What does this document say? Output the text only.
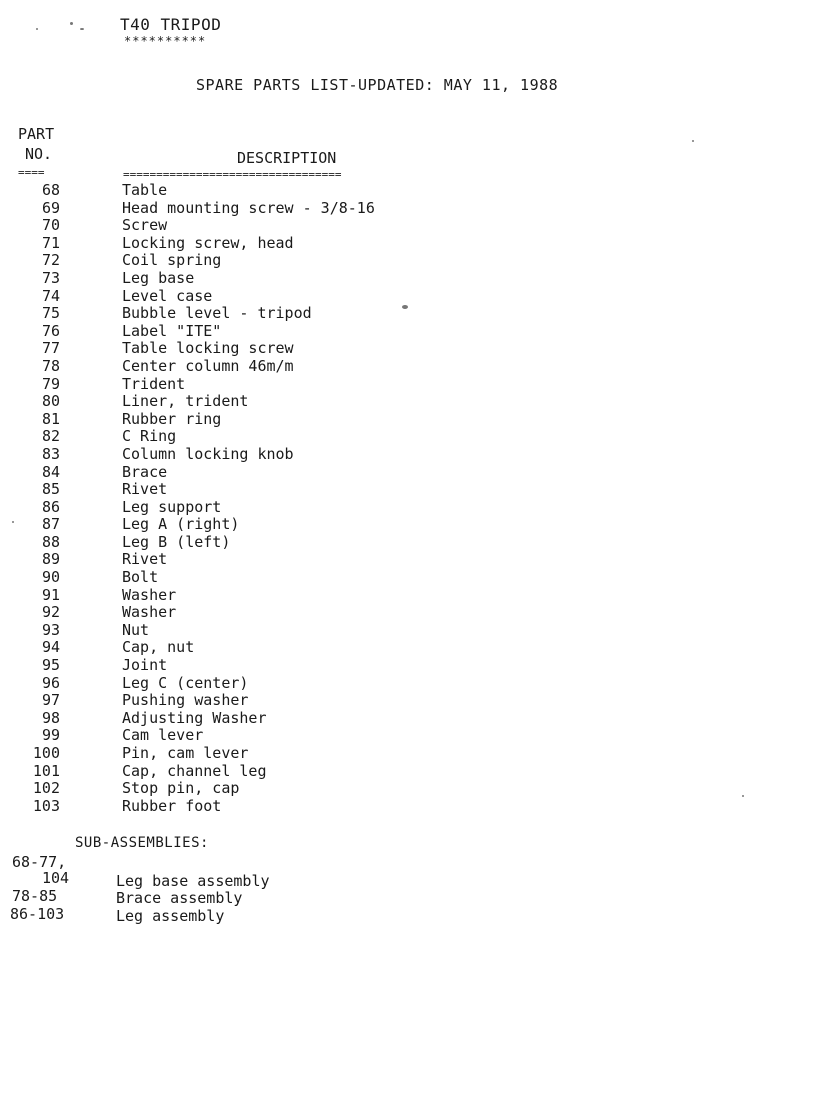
T40 TRIPOD
**********
SPARE PARTS LIST-UPDATED: MAY 11, 1988
PART
NO.	DESCRIPTION
====	=================================
68	Table
69	Head mounting screw - 3/8-16
70	Screw
71	Locking screw, head
72	Coil spring
73	Leg base
74	Level case
75	Bubble level - tripod
76	Label "ITE"
77	Table locking screw
78	Center column 46m/m
79	Trident
80	Liner, trident
81	Rubber ring
82	C Ring
83	Column locking knob
84	Brace
85	Rivet
86	Leg support
87	Leg A (right)
88	Leg B (left)
89	Rivet
90	Bolt
91	Washer
92	Washer
93	Nut
94	Cap, nut
95	Joint
96	Leg C (center)
97	Pushing washer
98	Adjusting Washer
99	Cam lever
100	Pin, cam lever
101	Cap, channel leg
102	Stop pin, cap
103	Rubber foot
SUB-ASSEMBLIES:
68-77,
104	Leg base assembly
78-85	Brace assembly
86-103	Leg assembly
